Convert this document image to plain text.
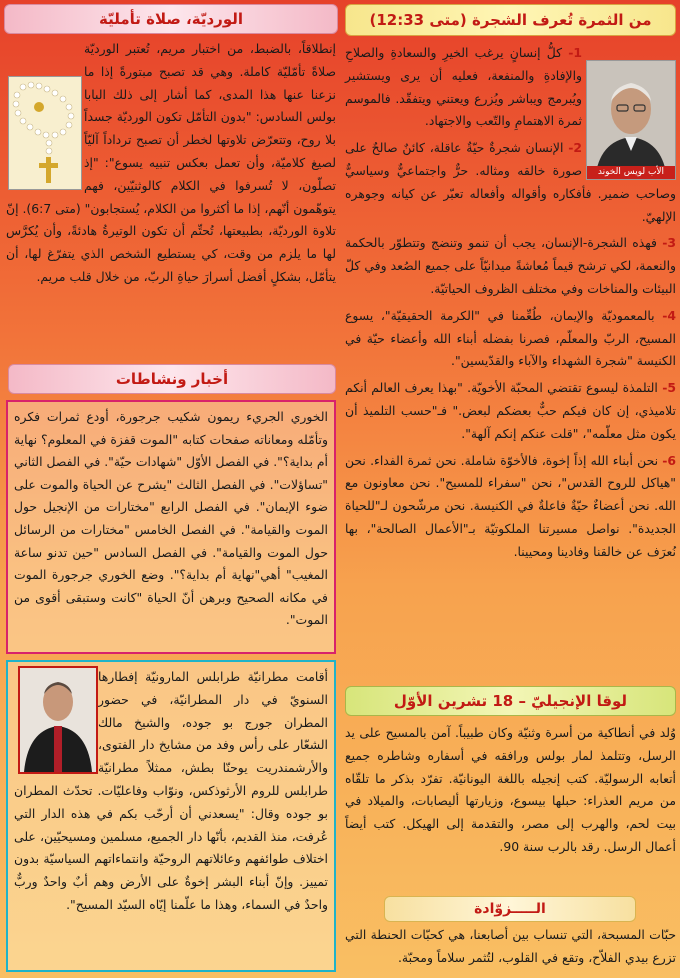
من الثمرة تُعرف الشجرة (متى 12:33)
الأب لويس الخوند

1- كلُّ إنسانٍ يرغب الخيرِ والسعادةِ والصلاحِ والإفادةِ والمنفعة، فعليه أن يرى ويستشير ويُبرمج ويباشر ويُزرع ويعتني ويتفقّد. فالموسم ثمرة الاهتمامِ والتّعب والاجتهاد.

2- الإنسان شجرةٌ حيّةٌ عاقلة، كائنٌ صالحٌ على صورة خالقه ومثاله. حرٌّ واجتماعيٌّ وسياسيٌّ وصاحب ضمير. فأفكاره وأقواله وأفعاله تعبّر عن كيانه وجوهره الإلهيّ.

3- فهذه الشجرة-الإنسان، يجب أن تنمو وتنضج وتتطوّر بالحكمة والنعمة، لكي ترشح قيماً مُعاشةً ميدانيّاً على جميع الصُعد وفي كلّ البيئات والمناخات وفي مختلف الظروف الحياتيّة.

4- بالمعموديّة والإيمان، طُعِّمنا في "الكرمة الحقيقيّة"، يسوع المسيح، الربّ والمعلّم، فصرنا بفضله أبناء الله وأعضاء حيّة في الكنيسة "شجرة الشهداء والآباء والقدّيسين".

5- التلمذة ليسوع تقتضي المحبّة الأخويّة. "بهذا يعرف العالم أنكم تلاميذي، إن كان فيكم حبٌّ بعضكم لبعض." فـ"حسب التلميذ أن يكون مثل معلّمه"، "قلت عنكم إنكم آلهة".

6- نحن أبناء الله إذاً إخوة، فالأخوّة شاملة. نحن ثمرة الفداء. نحن "هياكل للروح القدس"، نحن "سفراء للمسيح". نحن معاونون مع الله. نحن أعضاءٌ حيّةٌ فاعلةٌ في الكنيسة. نحن مرشّحون لـ"للحياة الجديدة". نواصل مسيرتنا الملكوتيّة بـ"الأعمال الصالحة"، بها نُعرَف عن خالقنا وفادينا ومحيينا.

لوقا الإنجيليّ – 18 تشرين الأوّل
وُلد في أنطاكية من أسرة وثنيّة وكان طبيباً. آمن بالمسيح على يد الرسل، وتتلمذ لمار بولس ورافقه في أسفاره وشاطره جميع أتعابه الرسوليّة. كتب إنجيله باللغة اليونانيّة. تفرّد بذكر ما تلقّاه من مريم العذراء: حبلها بيسوع، وزيارتها أليصابات، والميلاد في بيت لحم، والهرب إلى مصر، والتقدمة إلى الهيكل. كتب أيضاً أعمال الرسل. رقد بالرب سنة 90.
الـــــزوّادة
حبّات المسبحة، التي تنساب بين أصابعنا، هي كحبّات الحنطة التي تزرع بيدي الفلاّح، وتقع في القلوب، لتُثمر سلاماً ومحبّة.
الورديّة، صلاة تأمليّة
إنطلاقاً، بالضبط، من اختبار مريم، تُعتبر الورديّة صلاةً تأمّليّة كاملة. وهي قد تصبح مبتورةً إذا ما نزعنا عنها هذا المدى، كما أشار إلى ذلك البابا بولس السادس: "بدون التأمّل تكون الورديّة جسداً بلا روح، وتتعرّض تلاوتها لخطر أن تصبح ترداداً آليّاً لصيغ كلاميّة، وأن تعمل بعكس تنبيه يسوع": "إذ تصلّون، لا تُسرفوا في الكلام كالوثنيّين، فهم يتوهّمون أنّهم، إذا ما أكثروا من الكلام، يُستجابون" (متى 6:7). إنّ تلاوة الورديّة، بطبيعتها، تُحتِّم أن تكون الوتيرةُ هادئةً، وأن يُكرَّس لها ما يلزم من وقت، كي يستطيع الشخص الذي يتفرّغ لها، أن يتأمّل، بشكلٍ أفضل أسرارَ حياةِ الربّ، من خلال قلب مريم.
أخبار ونشاطات
الخوري الجريء ريمون شكيب جرجورة، أودع ثمرات فكره وتأمّله ومعاناته صفحات كتابه "الموت قفزة في المعلوم؟ نهاية أم بداية؟". في الفصل الأوّل "شهادات حيّة". في الفصل الثاني "تساؤلات". في الفصل الثالث "يشرح عن الحياة والموت على ضوء الإيمان". في الفصل الرابع "مختارات من الإنجيل حول الموت والقيامة". في الفصل الخامس "مختارات من الرسائل حول الموت والقيامة". في الفصل السادس "حين تدنو ساعة المغيب" أهي"نهاية أم بداية؟". وضع الخوري جرجورة الموت في مكانه الصحيح وبرهن أنّ الحياة "كانت وستبقى أقوى من الموت".
أقامت مطرانيّة طرابلس المارونيّة إفطارها السنويّ في دار المطرانيّة، في حضور المطران جورج بو جوده، والشيخ مالك الشعّار على رأس وفد من مشايخ دار الفتوى، والأرشمندريت يوحنّا بطش، ممثلاً مطرانيّة طرابلس للروم الأرثوذكس، ونوّاب وفاعليّات. تحدّث المطران بو جوده وقال: "يسعدني أن أرحّب بكم في هذه الدار التي عُرفت، منذ القديم، بأنّها دار الجميع، مسلمين ومسيحيّين، على اختلاف طوائفهم وعائلاتهم الروحيّة وانتماءاتهم السياسيّة بدون تمييز. وإنّ أبناء البشر إخوةٌ على الأرض وهم أبٌ واحدٌ وربٌّ واحدٌ في السماء، وهذا ما علّمنا إيّاه السيّد المسيح".
